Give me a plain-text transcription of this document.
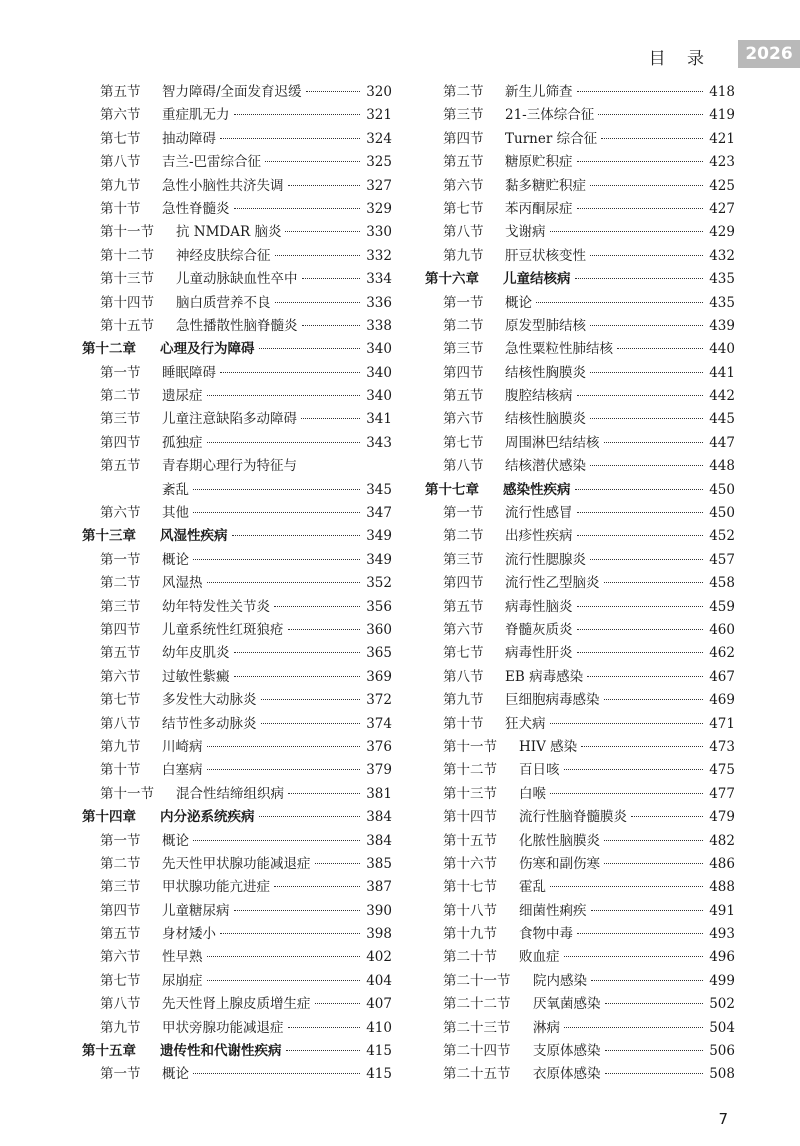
目 录	2026
第五节	智力障碍/全面发育迟缓	320
第六节	重症肌无力	321
第七节	抽动障碍	324
第八节	吉兰-巴雷综合征	325
第九节	急性小脑性共济失调	327
第十节	急性脊髓炎	329
第十一节	抗 NMDAR 脑炎	330
第十二节	神经皮肤综合征	332
第十三节	儿童动脉缺血性卒中	334
第十四节	脑白质营养不良	336
第十五节	急性播散性脑脊髓炎	338
第十二章	心理及行为障碍	340
第一节	睡眠障碍	340
第二节	遗尿症	340
第三节	儿童注意缺陷多动障碍	341
第四节	孤独症	343
第五节	青春期心理行为特征与
紊乱	345
第六节	其他	347
第十三章	风湿性疾病	349
第一节	概论	349
第二节	风湿热	352
第三节	幼年特发性关节炎	356
第四节	儿童系统性红斑狼疮	360
第五节	幼年皮肌炎	365
第六节	过敏性紫癜	369
第七节	多发性大动脉炎	372
第八节	结节性多动脉炎	374
第九节	川崎病	376
第十节	白塞病	379
第十一节	混合性结缔组织病	381
第十四章	内分泌系统疾病	384
第一节	概论	384
第二节	先天性甲状腺功能减退症	385
第三节	甲状腺功能亢进症	387
第四节	儿童糖尿病	390
第五节	身材矮小	398
第六节	性早熟	402
第七节	尿崩症	404
第八节	先天性肾上腺皮质增生症	407
第九节	甲状旁腺功能减退症	410
第十五章	遗传性和代谢性疾病	415
第一节	概论	415
第二节	新生儿筛查	418
第三节	21-三体综合征	419
第四节	Turner 综合征	421
第五节	糖原贮积症	423
第六节	黏多糖贮积症	425
第七节	苯丙酮尿症	427
第八节	戈谢病	429
第九节	肝豆状核变性	432
第十六章	儿童结核病	435
第一节	概论	435
第二节	原发型肺结核	439
第三节	急性粟粒性肺结核	440
第四节	结核性胸膜炎	441
第五节	腹腔结核病	442
第六节	结核性脑膜炎	445
第七节	周围淋巴结结核	447
第八节	结核潜伏感染	448
第十七章	感染性疾病	450
第一节	流行性感冒	450
第二节	出疹性疾病	452
第三节	流行性腮腺炎	457
第四节	流行性乙型脑炎	458
第五节	病毒性脑炎	459
第六节	脊髓灰质炎	460
第七节	病毒性肝炎	462
第八节	EB 病毒感染	467
第九节	巨细胞病毒感染	469
第十节	狂犬病	471
第十一节	HIV 感染	473
第十二节	百日咳	475
第十三节	白喉	477
第十四节	流行性脑脊髓膜炎	479
第十五节	化脓性脑膜炎	482
第十六节	伤寒和副伤寒	486
第十七节	霍乱	488
第十八节	细菌性痢疾	491
第十九节	食物中毒	493
第二十节	败血症	496
第二十一节	院内感染	499
第二十二节	厌氧菌感染	502
第二十三节	淋病	504
第二十四节	支原体感染	506
第二十五节	衣原体感染	508
7
